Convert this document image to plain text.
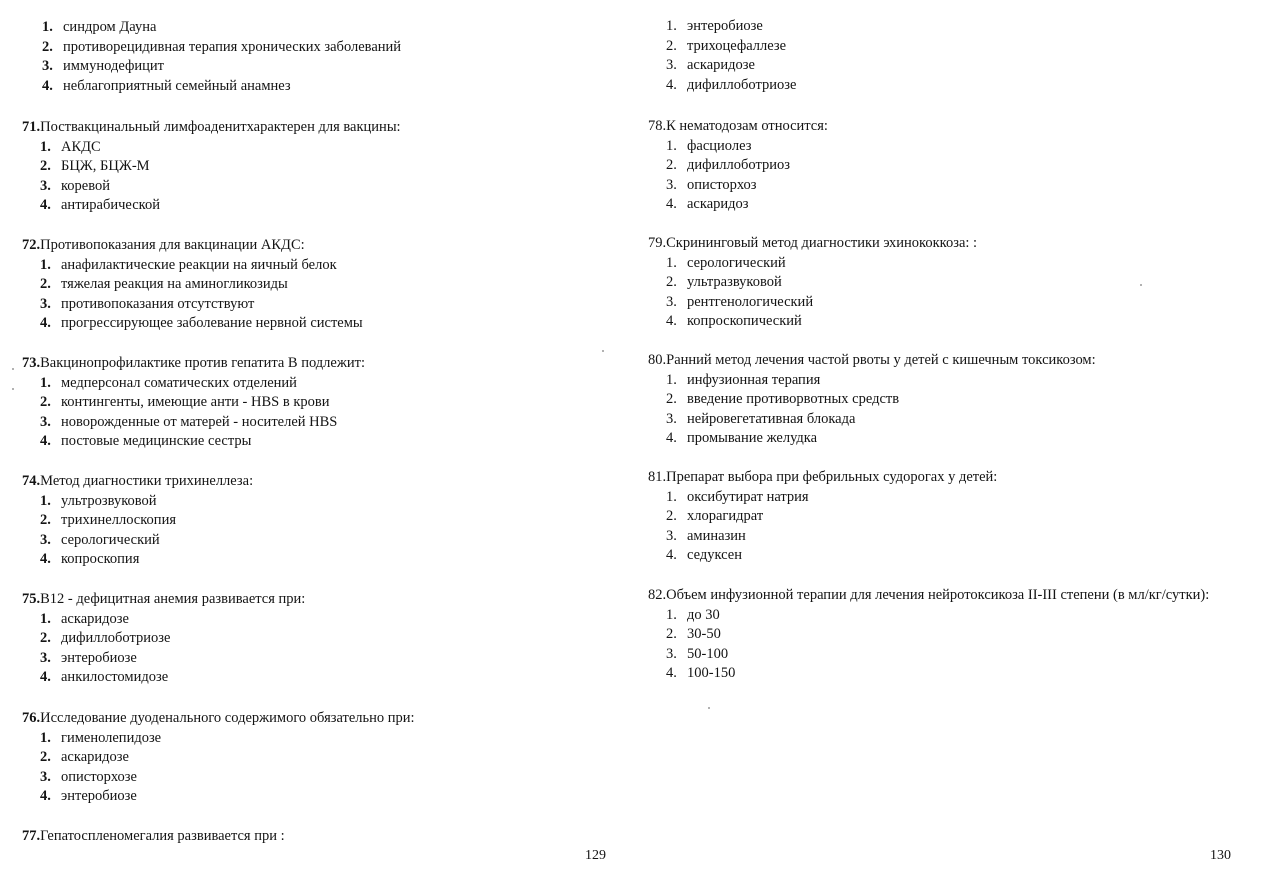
1. синдром Дауна
2. противорецидивная терапия хронических заболеваний
3. иммунодефицит
4. неблагоприятный семейный анамнез
71.Поствакцинальный лимфоаденитхарактерен для вакцины:
1. АКДС
2. БЦЖ, БЦЖ-М
3. коревой
4. антирабической
72.Противопоказания для вакцинации АКДС:
1. анафилактические реакции на яичный белок
2. тяжелая реакция на аминогликозиды
3. противопоказания отсутствуют
4. прогрессирующее заболевание нервной системы
73.Вакцинопрофилактике против гепатита В подлежит:
1. медперсонал соматических отделений
2. контингенты, имеющие анти - HBS в крови
3. новорожденные от матерей - носителей HBS
4. постовые медицинские сестры
74.Метод диагностики трихинеллеза:
1. ультрозвуковой
2. трихинеллоскопия
3. серологический
4. копроскопия
75.В12 - дефицитная анемия развивается при:
1. аскаридозе
2. дифиллоботриозе
3. энтеробиозе
4. анкилостомидозе
76.Исследование дуоденального содержимого обязательно при:
1. гименолепидозе
2. аскаридозе
3. описторхозе
4. энтеробиозе
77.Гепатоспленомегалия развивается при :
129
1. энтеробиозе
2. трихоцефаллезе
3. аскаридозе
4. дифиллоботриозе
78.К нематодозам относится:
1. фасциолез
2. дифиллоботриоз
3. описторхоз
4. аскаридоз
79.Скрининговый метод диагностики эхинококкоза: :
1. серологический
2. ультразвуковой
3. рентгенологический
4. копроскопический
80.Ранний метод лечения частой рвоты у детей с кишечным токсикозом:
1. инфузионная терапия
2. введение противорвотных средств
3. нейровегетативная блокада
4. промывание желудка
81.Препарат выбора при фебрильных судорогах у детей:
1. оксибутират натрия
2. хлорагидрат
3. аминазин
4. седуксен
82.Объем инфузионной терапии для лечения нейротоксикоза II-III степени (в мл/кг/сутки):
1. до 30
2. 30-50
3. 50-100
4. 100-150
130
